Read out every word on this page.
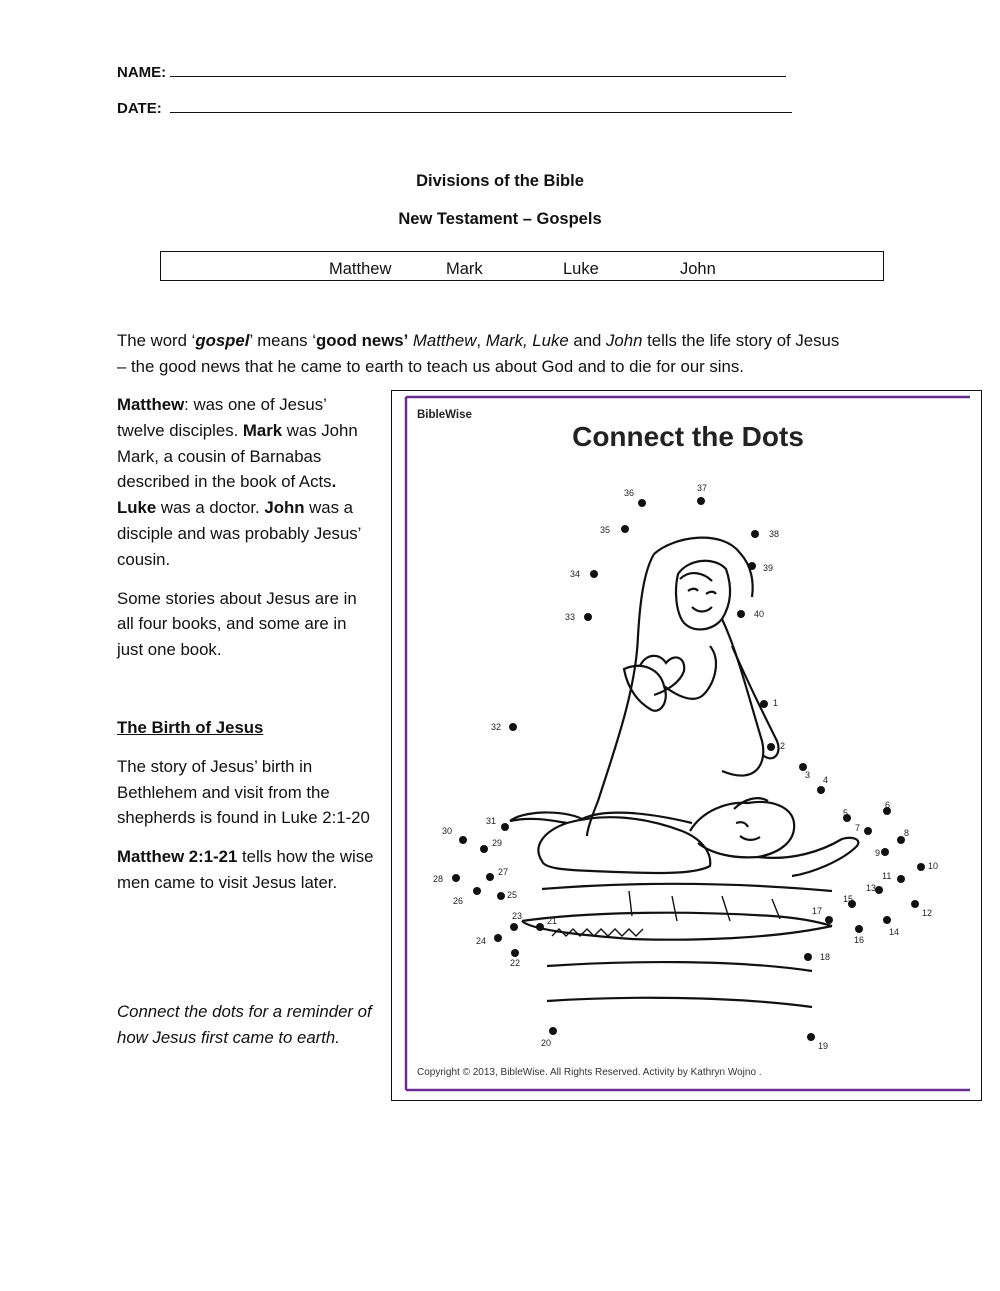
NAME:
DATE:
Divisions of the Bible
New Testament – Gospels
Matthew	Mark	Luke	John
The word ‘gospel’ means ‘good news’ Matthew, Mark, Luke and John tells the life story of Jesus
– the good news that he came to earth to teach us about God and to die for our sins.

Matthew: was one of Jesus’ twelve disciples. Mark was John Mark, a cousin of Barnabas described in the book of Acts. Luke was a doctor. John was a disciple and was probably Jesus’ cousin.

Some stories about Jesus are in all four books, and some are in just one book.

The Birth of Jesus

The story of Jesus’ birth in Bethlehem and visit from the shepherds is found in Luke 2:1-20

Matthew 2:1-21 tells how the wise men came to visit Jesus later.

Connect the dots for a reminder of how Jesus first came to earth.
BibleWise
Connect the Dots
1
2
3 4
5
6
7	8
9
10
11
12
13
14
15
16
17
18
19
20
21
22
23
24
25
26
27
28
29
30
31
32
33
34
35
36	37
38
39
40
Copyright © 2013, BibleWise. All Rights Reserved. Activity by Kathryn Wojno .
